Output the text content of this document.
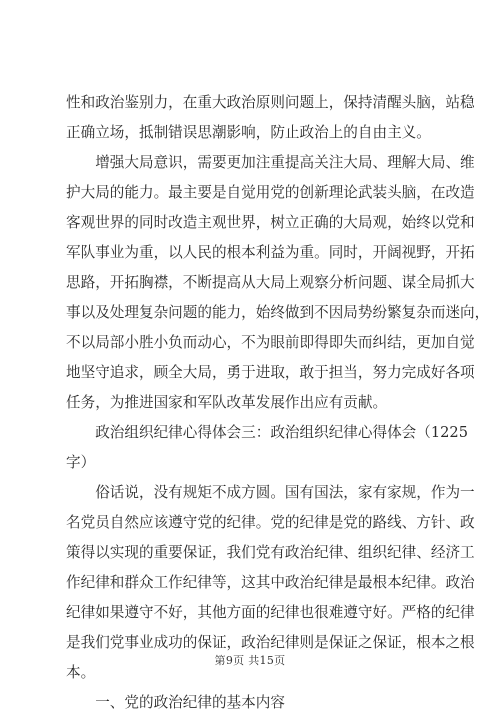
性和政治鉴别力，在重大政治原则问题上，保持清醒头脑，站稳
正确立场，抵制错误思潮影响，防止政治上的自由主义。
　　增强大局意识，需要更加注重提高关注大局、理解大局、维
护大局的能力。最主要是自觉用党的创新理论武装头脑，在改造
客观世界的同时改造主观世界，树立正确的大局观，始终以党和
军队事业为重，以人民的根本利益为重。同时，开阔视野，开拓
思路，开拓胸襟，不断提高从大局上观察分析问题、谋全局抓大
事以及处理复杂问题的能力，始终做到不因局势纷繁复杂而迷向，
不以局部小胜小负而动心，不为眼前即得即失而纠结，更加自觉
地坚守追求，顾全大局，勇于进取，敢于担当，努力完成好各项
任务，为推进国家和军队改革发展作出应有贡献。
　　政治组织纪律心得体会三：政治组织纪律心得体会（1225
字）
　　俗话说，没有规矩不成方圆。国有国法，家有家规，作为一
名党员自然应该遵守党的纪律。党的纪律是党的路线、方针、政
策得以实现的重要保证，我们党有政治纪律、组织纪律、经济工
作纪律和群众工作纪律等，这其中政治纪律是最根本纪律。政治
纪律如果遵守不好，其他方面的纪律也很难遵守好。严格的纪律
是我们党事业成功的保证，政治纪律则是保证之保证，根本之根
本。
　　一、党的政治纪律的基本内容
第9页 共15页
